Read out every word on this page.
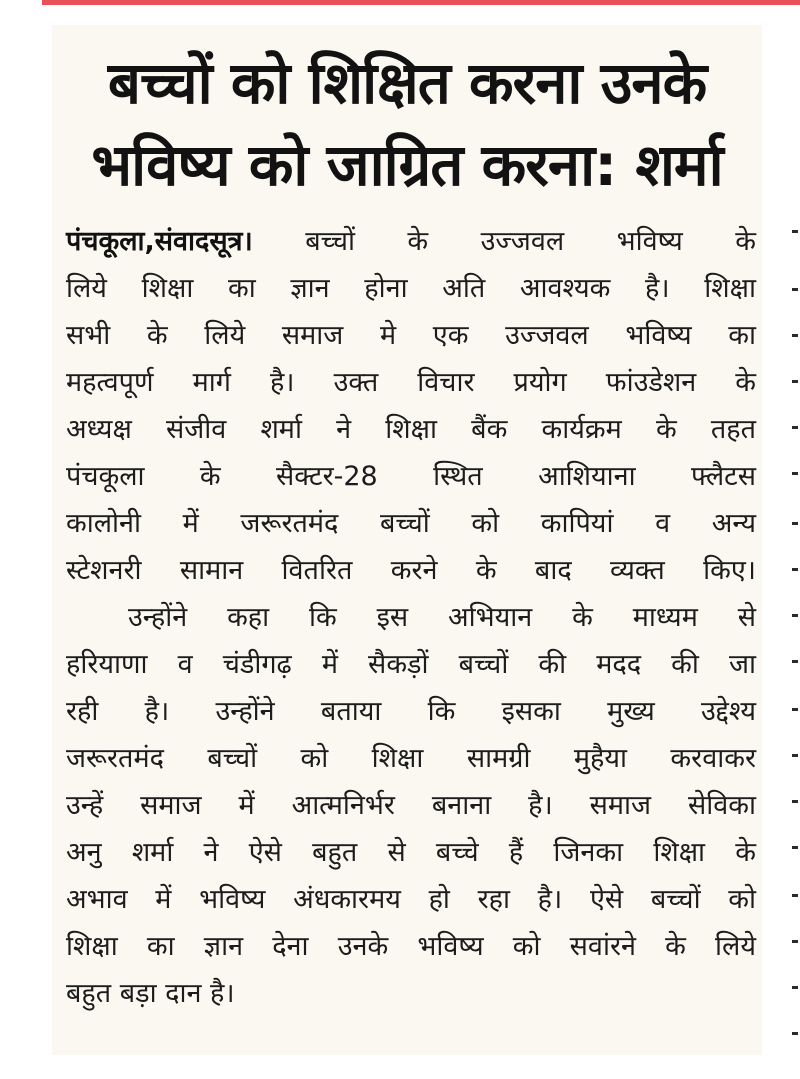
बच्चों को शिक्षित करना उनके
भविष्य को जाग्रित करना: शर्मा
पंचकूला,संवादसूत्र। बच्चों के उज्जवल भविष्य के
लिये शिक्षा का ज्ञान होना अति आवश्यक है। शिक्षा
सभी के लिये समाज मे एक उज्जवल भविष्य का
महत्वपूर्ण मार्ग है। उक्त विचार प्रयोग फांउडेशन के
अध्यक्ष संजीव शर्मा ने शिक्षा बैंक कार्यक्रम के तहत
पंचकूला के सैक्टर-28 स्थित आशियाना फ्लैटस
कालोनी में जरूरतमंद बच्चों को कापियां व अन्य
स्टेशनरी सामान वितरित करने के बाद व्यक्त किए।
उन्होंने कहा कि इस अभियान के माध्यम से
हरियाणा व चंडीगढ़ में सैकड़ों बच्चों की मदद की जा
रही है। उन्होंने बताया कि इसका मुख्य उद्देश्य
जरूरतमंद बच्चों को शिक्षा सामग्री मुहैया करवाकर
उन्हें समाज में आत्मनिर्भर बनाना है। समाज सेविका
अनु शर्मा ने ऐसे बहुत से बच्चे हैं जिनका शिक्षा के
अभाव में भविष्य अंधकारमय हो रहा है। ऐसे बच्चों को
शिक्षा का ज्ञान देना उनके भविष्य को सवांरने के लिये
बहुत बड़ा दान है।
